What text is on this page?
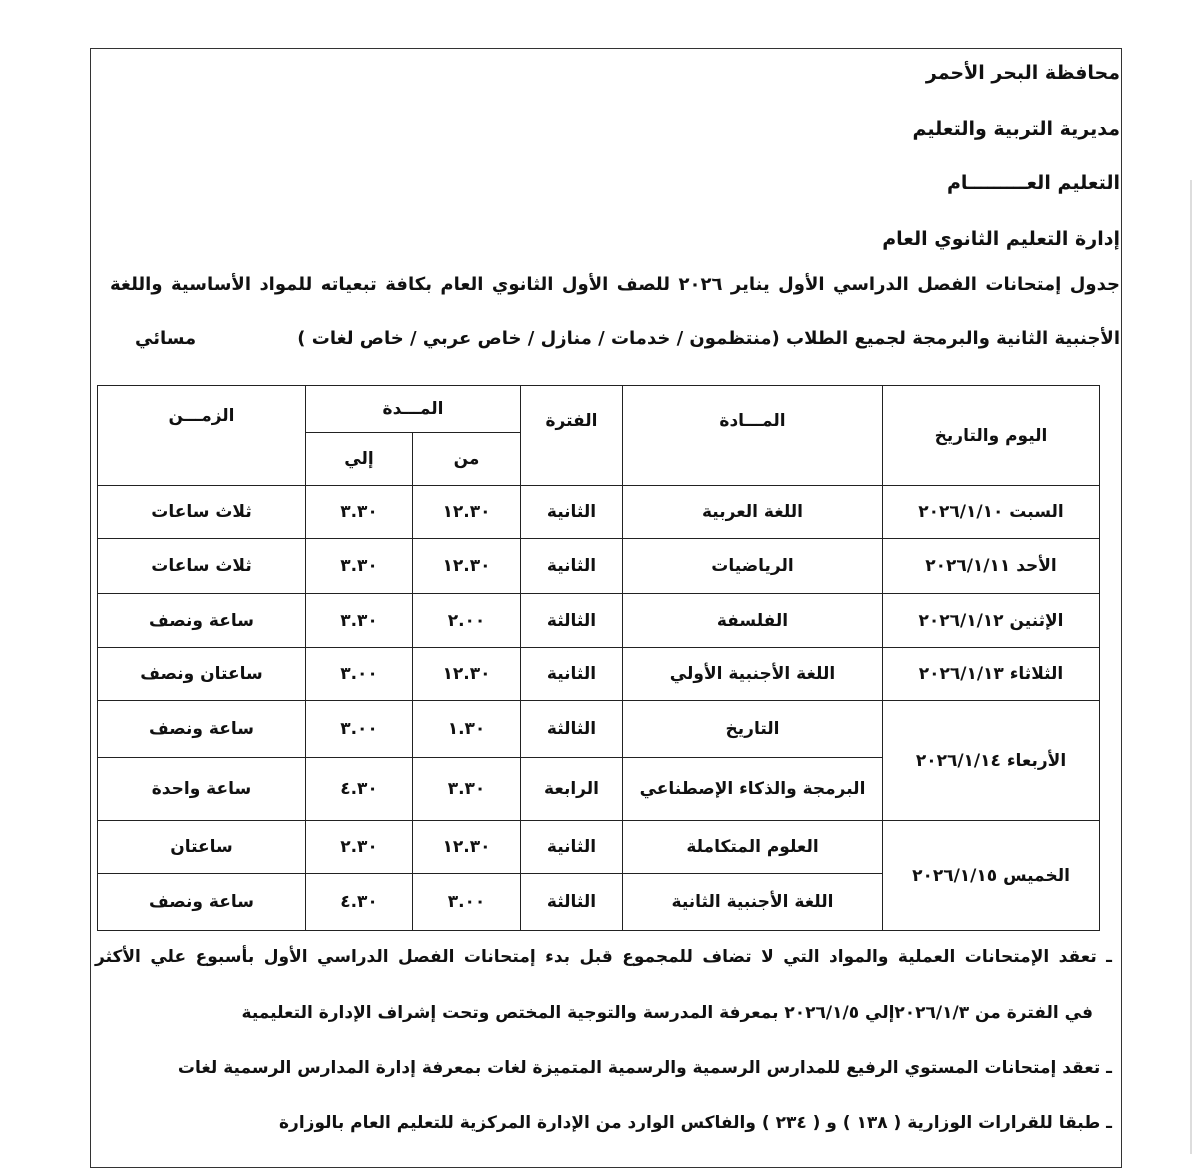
محافظة البحر الأحمر
مديرية التربية والتعليم
التعليم العـــــــــام
إدارة التعليم الثانوي العام
جدول إمتحانات الفصل الدراسي الأول يناير ٢٠٢٦ للصف الأول الثانوي العام بكافة تبعياته للمواد الأساسية واللغة
الأجنبية الثانية والبرمجة لجميع الطلاب (منتظمون / خدمات / منازل / خاص عربي / خاص لغات )
مسائي
اليوم والتاريخ	المـــادة	الفترة	المـــدة		الزمـــن
			من	إلي	
السبت ٢٠٢٦/١/١٠	اللغة العربية	الثانية	١٢.٣٠	٣.٣٠	ثلاث ساعات
الأحد ٢٠٢٦/١/١١	الرياضيات	الثانية	١٢.٣٠	٣.٣٠	ثلاث ساعات
الإثنين ٢٠٢٦/١/١٢	الفلسفة	الثالثة	٢.٠٠	٣.٣٠	ساعة ونصف
الثلاثاء ٢٠٢٦/١/١٣	اللغة الأجنبية الأولي	الثانية	١٢.٣٠	٣.٠٠	ساعتان ونصف
الأربعاء ٢٠٢٦/١/١٤	التاريخ	الثالثة	١.٣٠	٣.٠٠	ساعة ونصف
	البرمجة والذكاء الإصطناعي	الرابعة	٣.٣٠	٤.٣٠	ساعة واحدة
الخميس ٢٠٢٦/١/١٥	العلوم المتكاملة	الثانية	١٢.٣٠	٢.٣٠	ساعتان
	اللغة الأجنبية الثانية	الثالثة	٣.٠٠	٤.٣٠	ساعة ونصف
ـ تعقد الإمتحانات العملية والمواد التي لا تضاف للمجموع قبل بدء إمتحانات الفصل الدراسي الأول بأسبوع علي الأكثر
في الفترة من ٢٠٢٦/١/٣إلي ٢٠٢٦/١/٥ بمعرفة المدرسة والتوجية المختص وتحت إشراف الإدارة التعليمية
ـ تعقد إمتحانات المستوي الرفيع للمدارس الرسمية والرسمية المتميزة لغات بمعرفة إدارة المدارس الرسمية لغات
ـ طبقا للقرارات الوزارية ( ١٣٨ ) و ( ٢٣٤ ) والفاكس الوارد من الإدارة المركزية للتعليم العام بالوزارة
